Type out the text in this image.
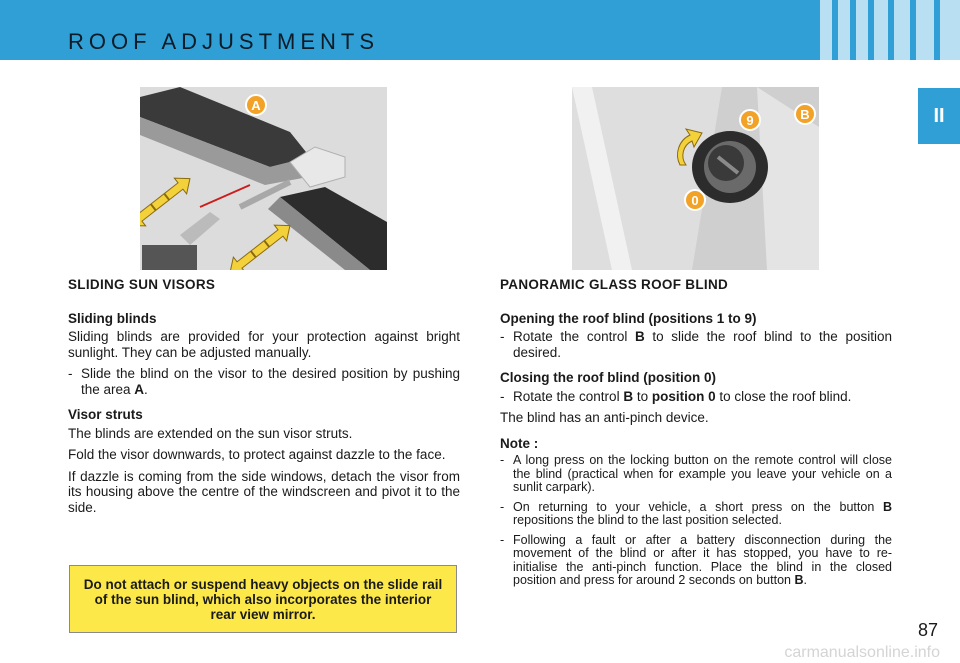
ROOF ADJUSTMENTS
II
A
9	B
0
SLIDING SUN VISORS
Sliding blinds
Sliding blinds are provided for your protection against bright sunlight. They can be adjusted manually.
- Slide the blind on the visor to the desired position by pushing the area A.
Visor struts
The blinds are extended on the sun visor struts.
Fold the visor downwards, to protect against dazzle to the face.
If dazzle is coming from the side windows, detach the visor from its housing above the centre of the windscreen and pivot it to the side.
Do not attach or suspend heavy objects on the slide rail of the sun blind, which also incorporates the interior rear view mirror.
PANORAMIC GLASS ROOF BLIND
Opening the roof blind (positions 1 to 9)
- Rotate the control B to slide the roof blind to the position desired.
Closing the roof blind (position 0)
- Rotate the control B to position 0 to close the roof blind.
The blind has an anti-pinch device.
Note :
- A long press on the locking button on the remote control will close the blind (practical when for example you leave your vehicle on a sunlit carpark).
- On returning to your vehicle, a short press on the button B repositions the blind to the last position selected.
- Following a fault or after a battery disconnection during the movement of the blind or after it has stopped, you have to re-initialise the anti-pinch function. Place the blind in the closed position and press for around 2 seconds on button B.
87
carmanualsonline.info
